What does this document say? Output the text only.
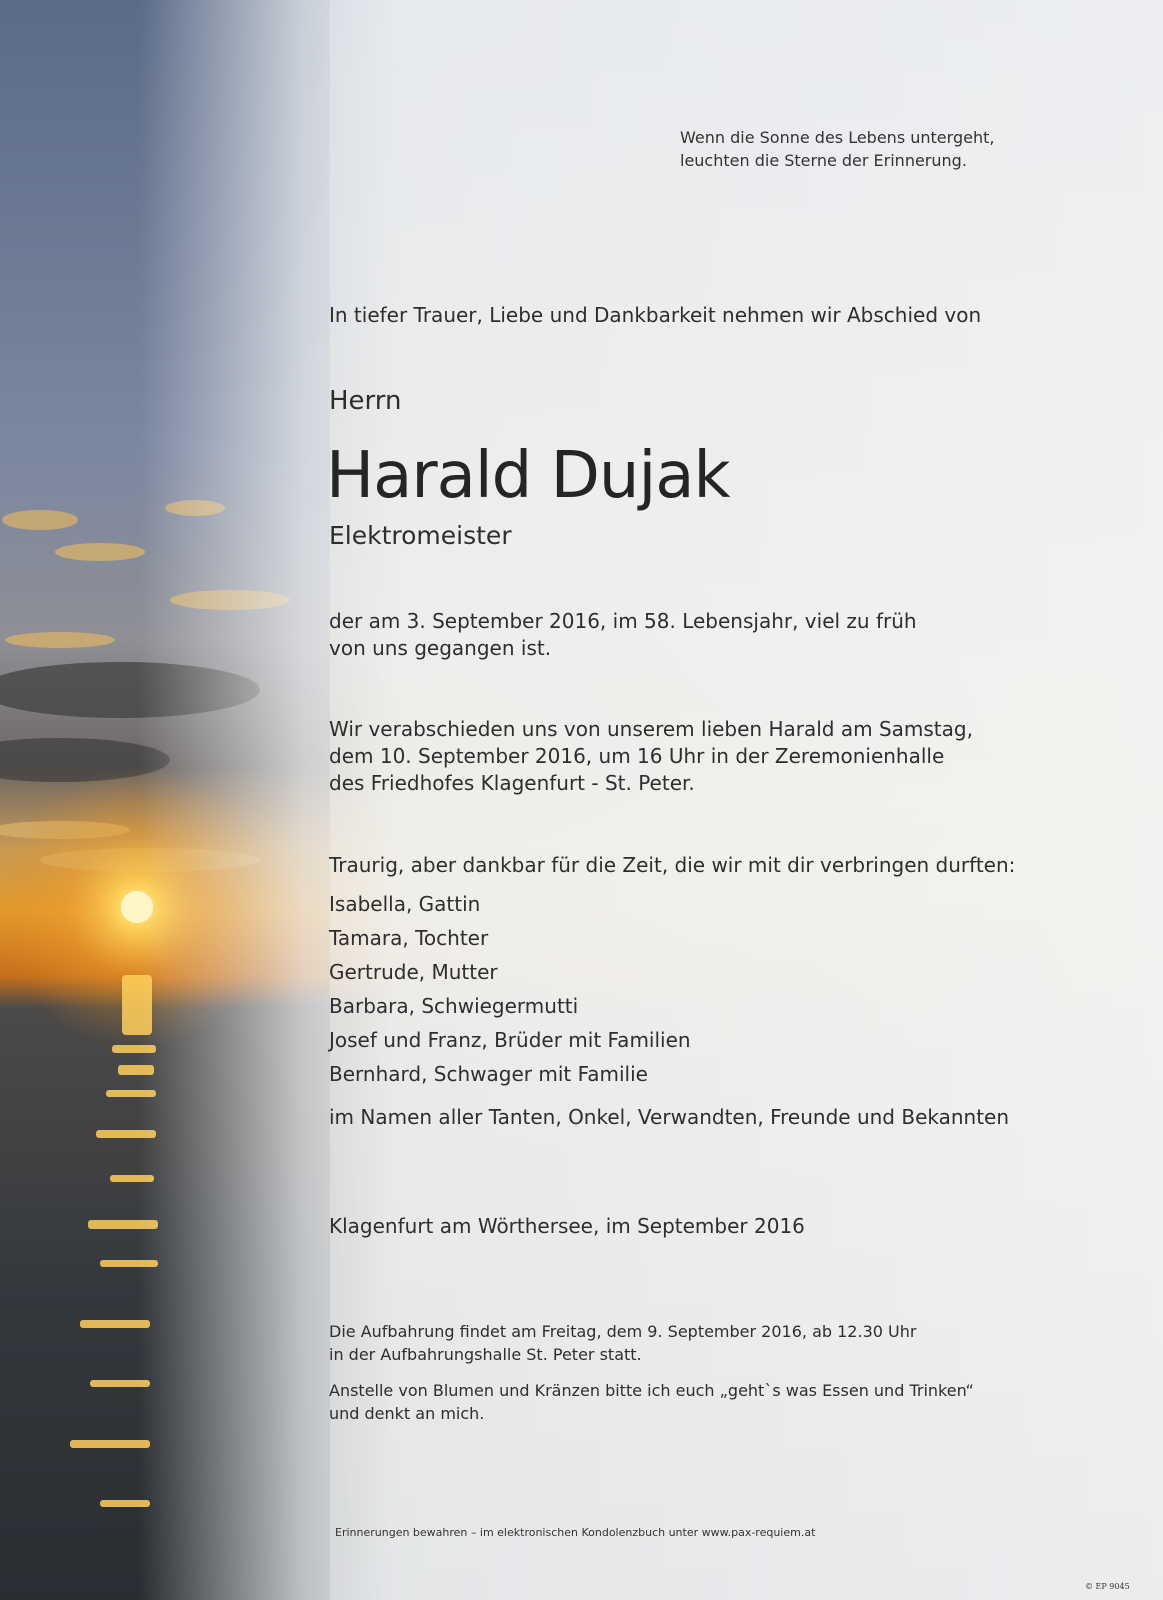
Wenn die Sonne des Lebens untergeht,
leuchten die Sterne der Erinnerung.

In tiefer Trauer, Liebe und Dankbarkeit nehmen wir Abschied von

Herrn

Harald Dujak

Elektromeister

der am 3. September 2016, im 58. Lebensjahr, viel zu früh
von uns gegangen ist.

Wir verabschieden uns von unserem lieben Harald am Samstag,
dem 10. September 2016, um 16 Uhr in der Zeremonienhalle
des Friedhofes Klagenfurt - St. Peter.

Traurig, aber dankbar für die Zeit, die wir mit dir verbringen durften:

Isabella, Gattin
Tamara, Tochter
Gertrude, Mutter
Barbara, Schwiegermutti
Josef und Franz, Brüder mit Familien
Bernhard, Schwager mit Familie

im Namen aller Tanten, Onkel, Verwandten, Freunde und Bekannten

Klagenfurt am Wörthersee, im September 2016

Die Aufbahrung findet am Freitag, dem 9. September 2016, ab 12.30 Uhr
in der Aufbahrungshalle St. Peter statt.

Anstelle von Blumen und Kränzen bitte ich euch „geht`s was Essen und Trinken“
und denkt an mich.

Erinnerungen bewahren – im elektronischen Kondolenzbuch unter www.pax-requiem.at

© EP 9045
